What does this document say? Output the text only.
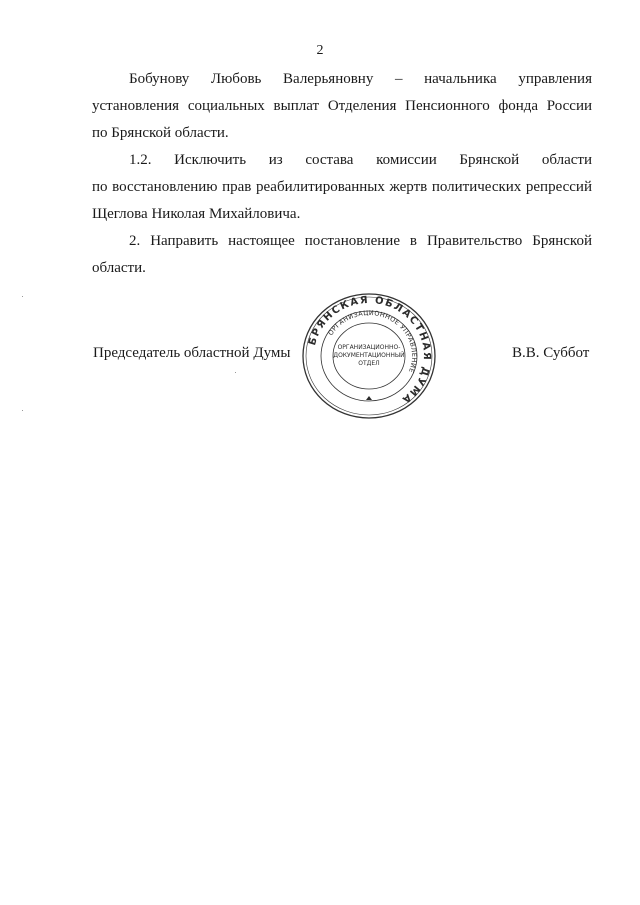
2
Бобунову Любовь Валерьяновну – начальника управления
установления социальных выплат Отделения Пенсионного фонда России
по Брянской области.
1.2. Исключить из состава комиссии Брянской области
по восстановлению прав реабилитированных жертв политических репрессий
Щеглова Николая Михайловича.
2. Направить настоящее постановление в Правительство Брянской
области.
Председатель областной Думы
БРЯНСКАЯ ОБЛАСТНАЯ ДУМА
ОРГАНИЗАЦИОННОЕ УПРАВЛЕНИЕ
ОРГАНИЗАЦИОННО-
ДОКУМЕНТАЦИОННЫЙ
ОТДЕЛ
В.В. Суббот
